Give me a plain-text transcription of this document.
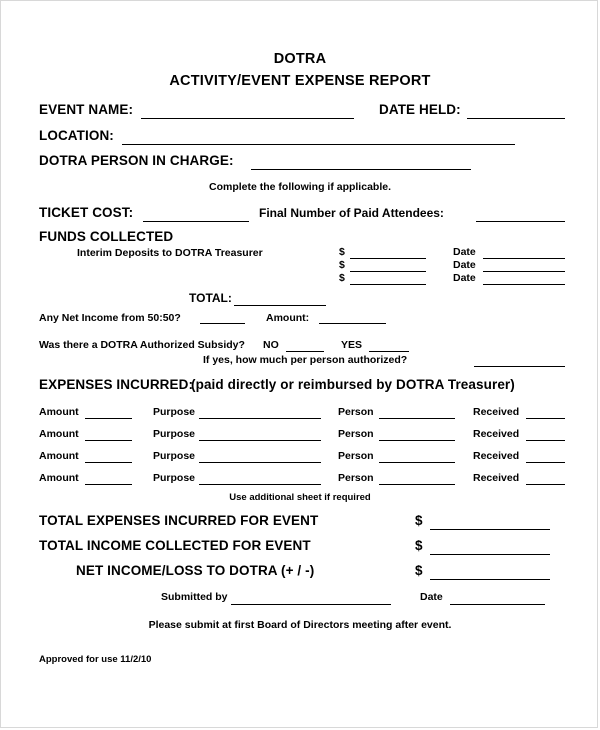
DOTRA
ACTIVITY/EVENT EXPENSE REPORT
EVENT NAME:	DATE HELD:
LOCATION:
DOTRA PERSON IN CHARGE:
Complete the following if applicable.
TICKET COST:	Final Number of Paid Attendees:
FUNDS COLLECTED
Interim Deposits to DOTRA Treasurer	$	Date
$	Date
$	Date
TOTAL:
Any Net Income from 50:50?	Amount:
Was there a DOTRA Authorized Subsidy? NO	YES
If yes, how much per person authorized?
EXPENSES INCURRED:
(paid directly or reimbursed by DOTRA Treasurer)
Amount	Purpose	Person	Received
Amount	Purpose	Person	Received
Amount	Purpose	Person	Received
Amount	Purpose	Person	Received
Use additional sheet if required
TOTAL EXPENSES INCURRED FOR EVENT	$
TOTAL INCOME COLLECTED FOR EVENT	$
NET INCOME/LOSS TO DOTRA (+ / -)	$
Submitted by	Date
Please submit at first Board of Directors meeting after event.
Approved for use 11/2/10
